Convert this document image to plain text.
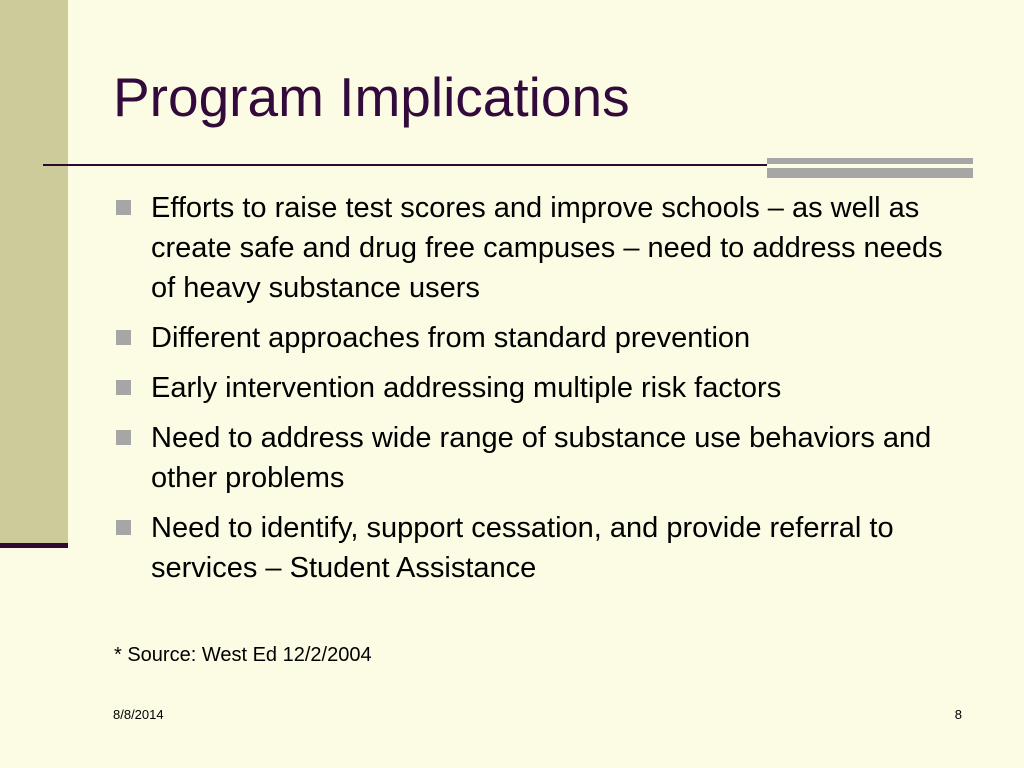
Program Implications
Efforts to raise test scores and improve schools – as well as create safe and drug free campuses – need to address needs of heavy substance users
Different approaches from standard prevention
Early intervention addressing multiple risk factors
Need to address wide range of substance use behaviors and other problems
Need to identify, support cessation, and provide referral to services – Student Assistance
* Source: West Ed 12/2/2004
8/8/2014	8
